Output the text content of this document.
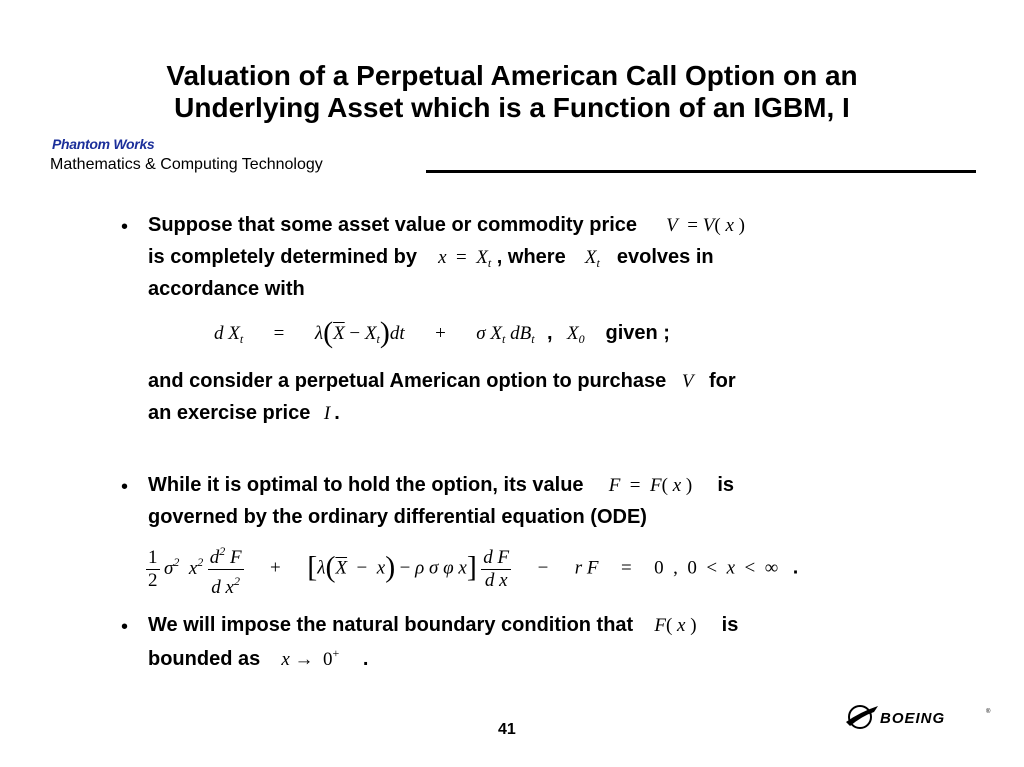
Valuation of a Perpetual American Call Option on an
Underlying Asset which is a Function of an IGBM, I
Phantom Works
Mathematics & Computing Technology
• Suppose that some asset value or commodity price V  = V( x )
is completely determined by $x = X_t$ , where $X_t$ evolves in
accordance with
d $X_t = \lambda(\overline{X} - X_t)dt + \sigma$ $X_t$ $dB_t$ , $X_0$ given ;
and consider a perpetual American option to purchase V for
an exercise price I .
• While it is optimal to hold the option, its value F  =  F( x ) is
governed by the ordinary differential equation (ODE)
$\frac{1}{2} \sigma^2$  $x^2 \frac{d^2 F}{d x^2} + [\lambda(\overline{X} - x) - \rho$ σ φ $x] \frac{\text{d F}}{\text{d x}} - r$ F = 0  ,  0  <  x  <  ∞ .
• We will impose the natural boundary condition that F( x ) is
bounded as x → 0+ .
41
BOEING	®
